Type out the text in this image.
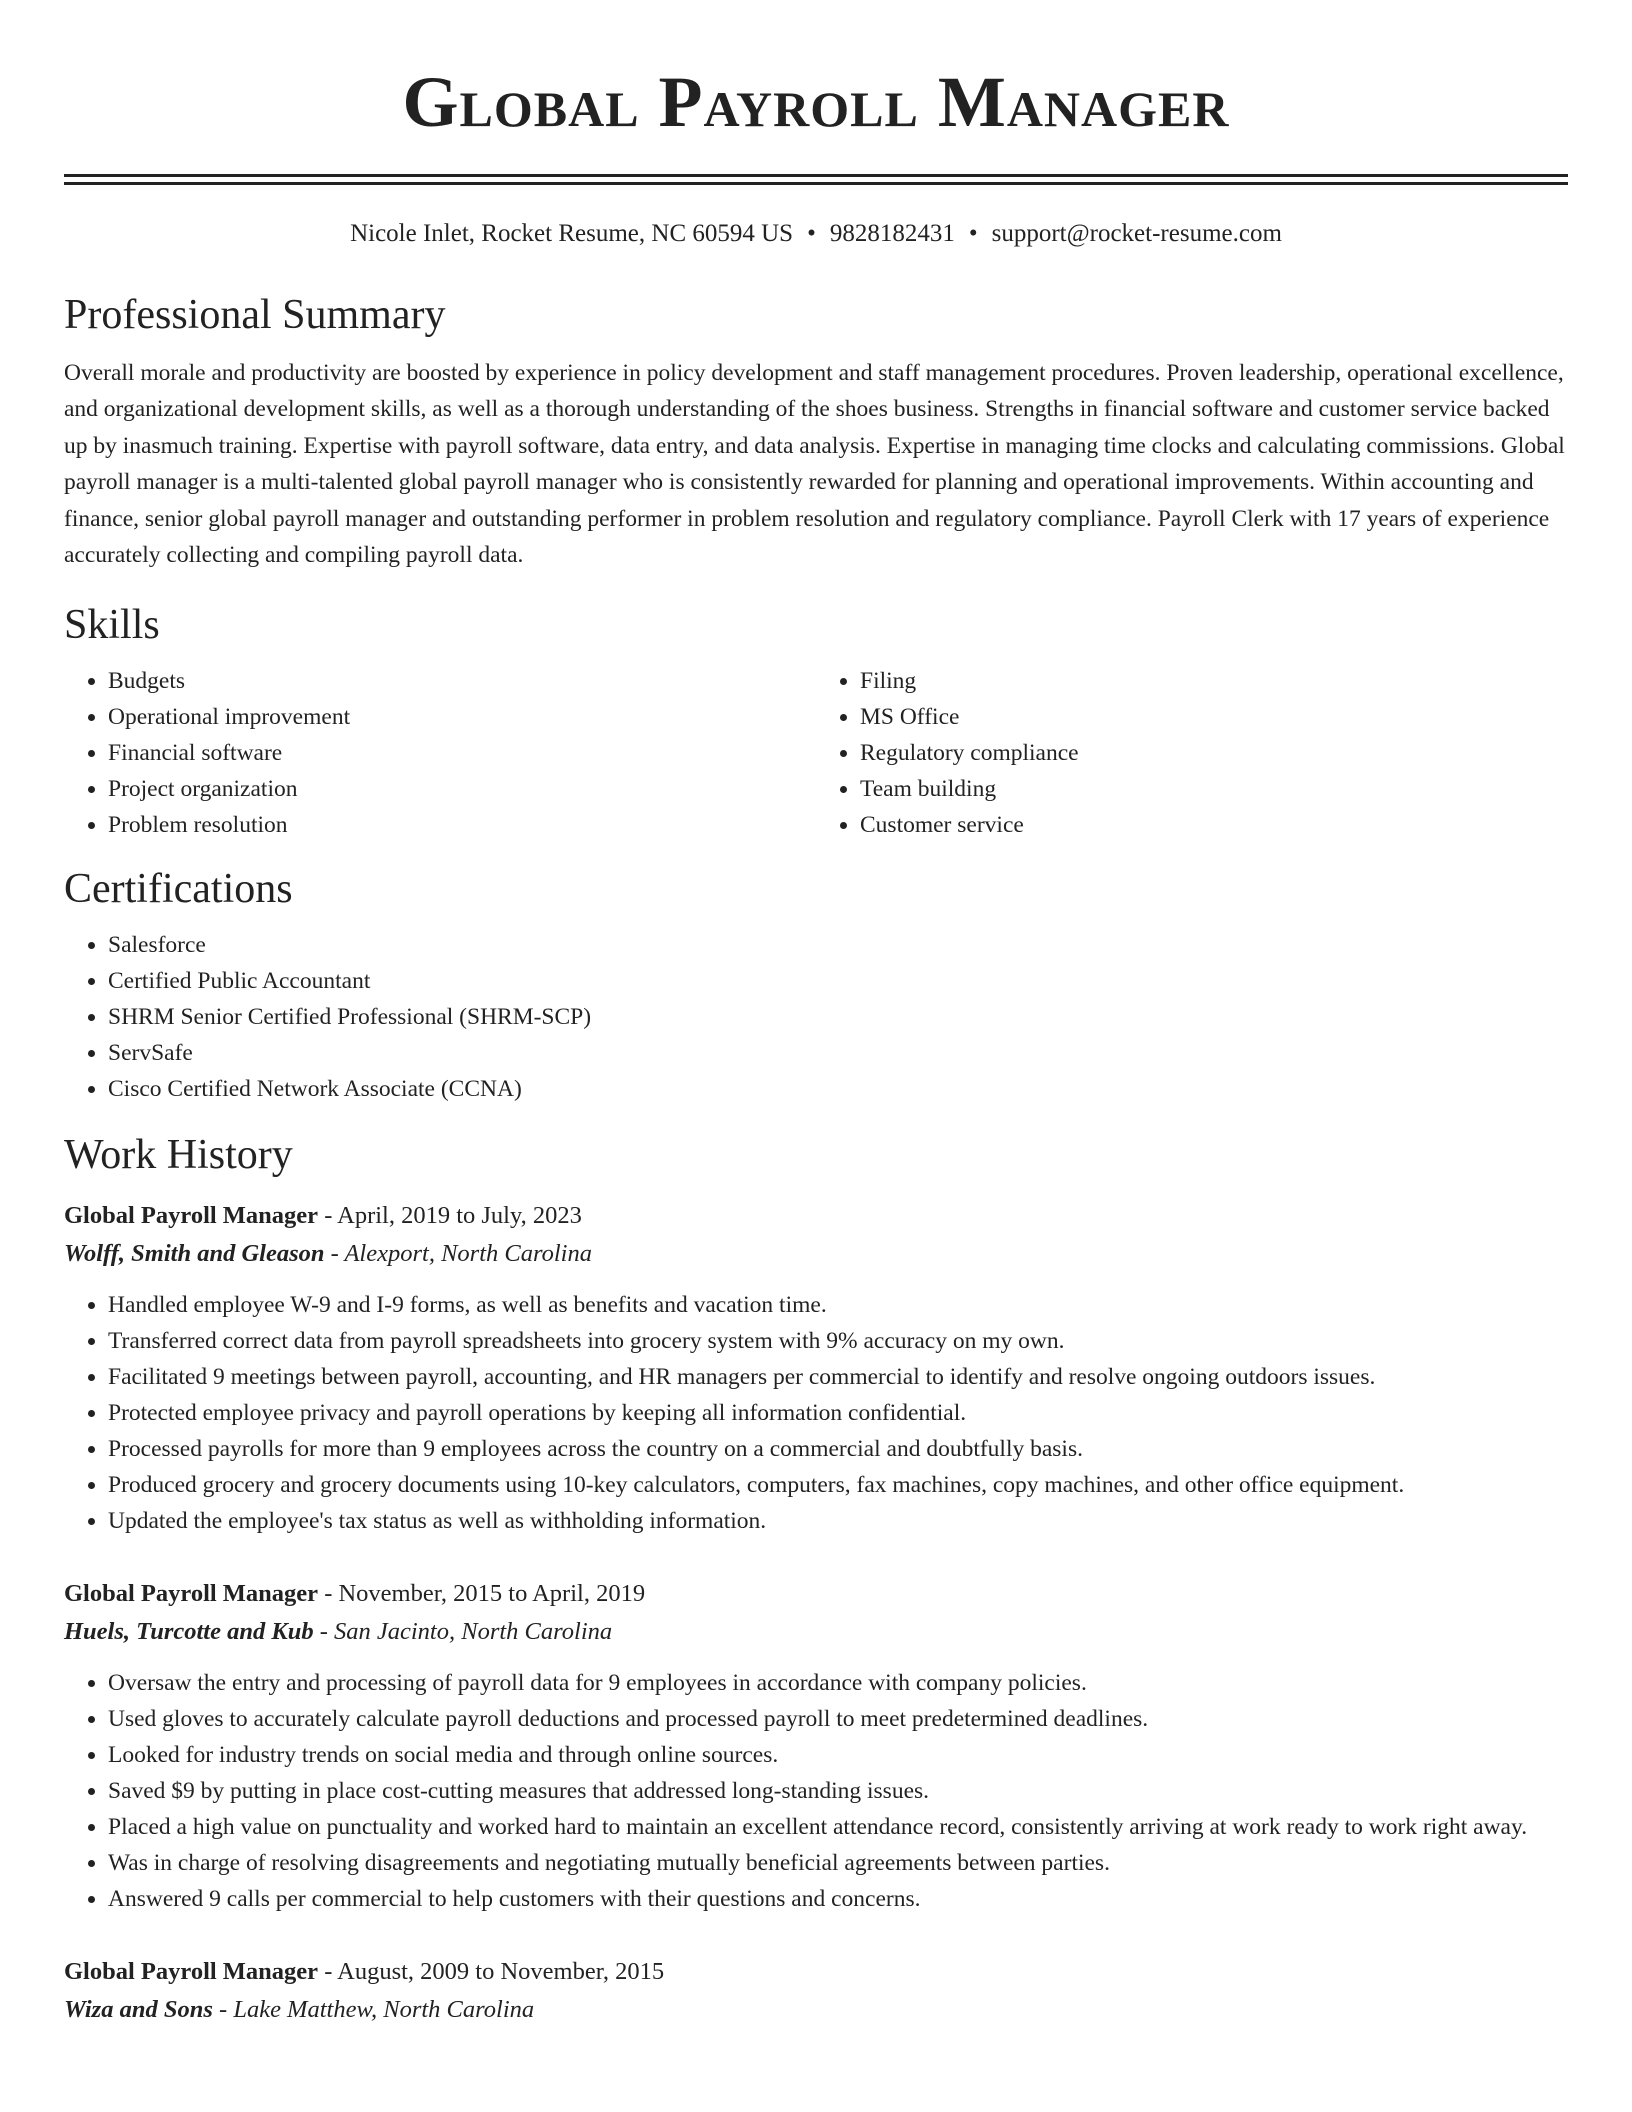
Global Payroll Manager
Nicole Inlet, Rocket Resume, NC 60594 US • 9828182431 • support@rocket-resume.com
Professional Summary

Overall morale and productivity are boosted by experience in policy development and staff management procedures. Proven leadership, operational excellence, and organizational development skills, as well as a thorough understanding of the shoes business. Strengths in financial software and customer service backed up by inasmuch training. Expertise with payroll software, data entry, and data analysis. Expertise in managing time clocks and calculating commissions. Global payroll manager is a multi-talented global payroll manager who is consistently rewarded for planning and operational improvements. Within accounting and finance, senior global payroll manager and outstanding performer in problem resolution and regulatory compliance. Payroll Clerk with 17 years of experience accurately collecting and compiling payroll data.

Skills
• Budgets
• Operational improvement
• Financial software
• Project organization
• Problem resolution
• Filing
• MS Office
• Regulatory compliance
• Team building
• Customer service
Certifications
• Salesforce
• Certified Public Accountant
• SHRM Senior Certified Professional (SHRM-SCP)
• ServSafe
• Cisco Certified Network Associate (CCNA)
Work History
Global Payroll Manager - April, 2019 to July, 2023
Wolff, Smith and Gleason - Alexport, North Carolina
• Handled employee W-9 and I-9 forms, as well as benefits and vacation time.
• Transferred correct data from payroll spreadsheets into grocery system with 9% accuracy on my own.
• Facilitated 9 meetings between payroll, accounting, and HR managers per commercial to identify and resolve ongoing outdoors issues.
• Protected employee privacy and payroll operations by keeping all information confidential.
• Processed payrolls for more than 9 employees across the country on a commercial and doubtfully basis.
• Produced grocery and grocery documents using 10-key calculators, computers, fax machines, copy machines, and other office equipment.
• Updated the employee's tax status as well as withholding information.
Global Payroll Manager - November, 2015 to April, 2019
Huels, Turcotte and Kub - San Jacinto, North Carolina
• Oversaw the entry and processing of payroll data for 9 employees in accordance with company policies.
• Used gloves to accurately calculate payroll deductions and processed payroll to meet predetermined deadlines.
• Looked for industry trends on social media and through online sources.
• Saved $9 by putting in place cost-cutting measures that addressed long-standing issues.
• Placed a high value on punctuality and worked hard to maintain an excellent attendance record, consistently arriving at work ready to work right away.
• Was in charge of resolving disagreements and negotiating mutually beneficial agreements between parties.
• Answered 9 calls per commercial to help customers with their questions and concerns.
Global Payroll Manager - August, 2009 to November, 2015
Wiza and Sons - Lake Matthew, North Carolina
